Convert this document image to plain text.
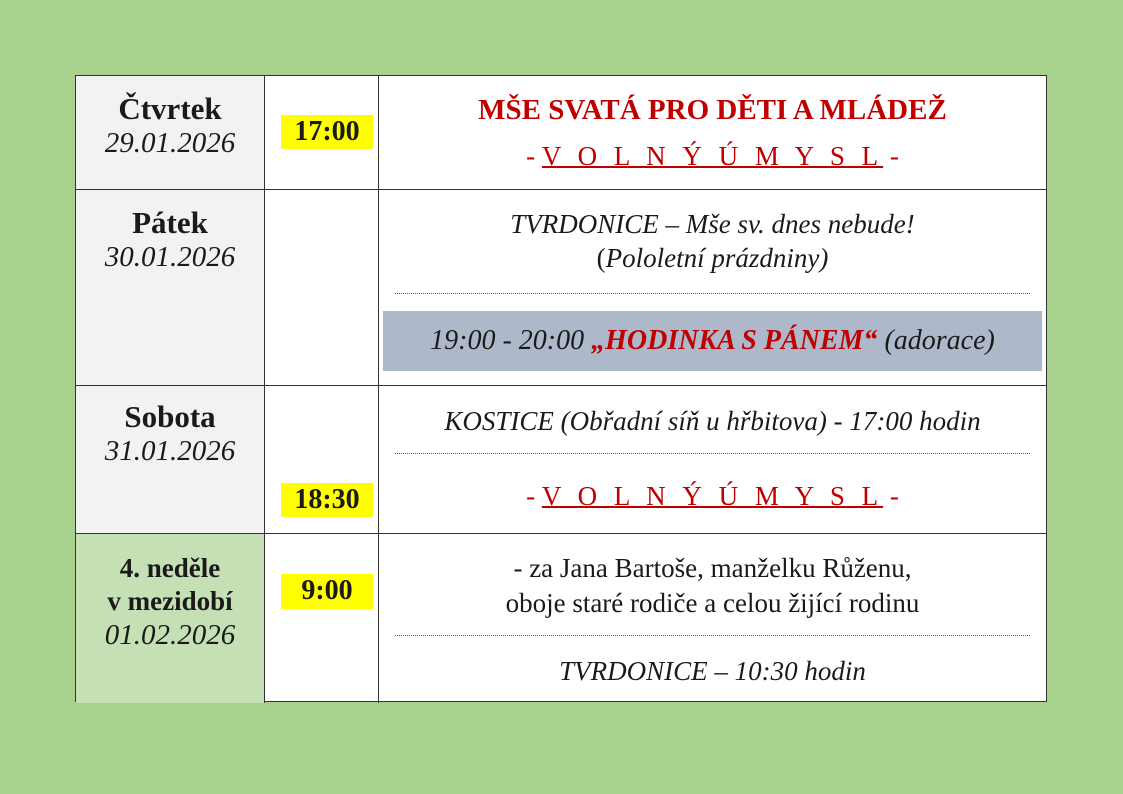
Čtvrtek
29.01.2026	17:00
MŠE SVATÁ PRO DĚTI A MLÁDEŽ
- V O L N Ý Ú M Y S L -
Pátek
30.01.2026
TVRDONICE – Mše sv. dnes nebude!
(Pololetní prázdniny)
19:00 - 20:00 „HODINKA S PÁNEM“ (adorace)
Sobota
31.01.2026
18:30
KOSTICE (Obřadní síň u hřbitova) - 17:00 hodin
- V O L N Ý Ú M Y S L -
4. neděle
v mezidobí
01.02.2026
9:00
- za Jana Bartoše, manželku Růženu,
oboje staré rodiče a celou žijící rodinu
TVRDONICE – 10:30 hodin
